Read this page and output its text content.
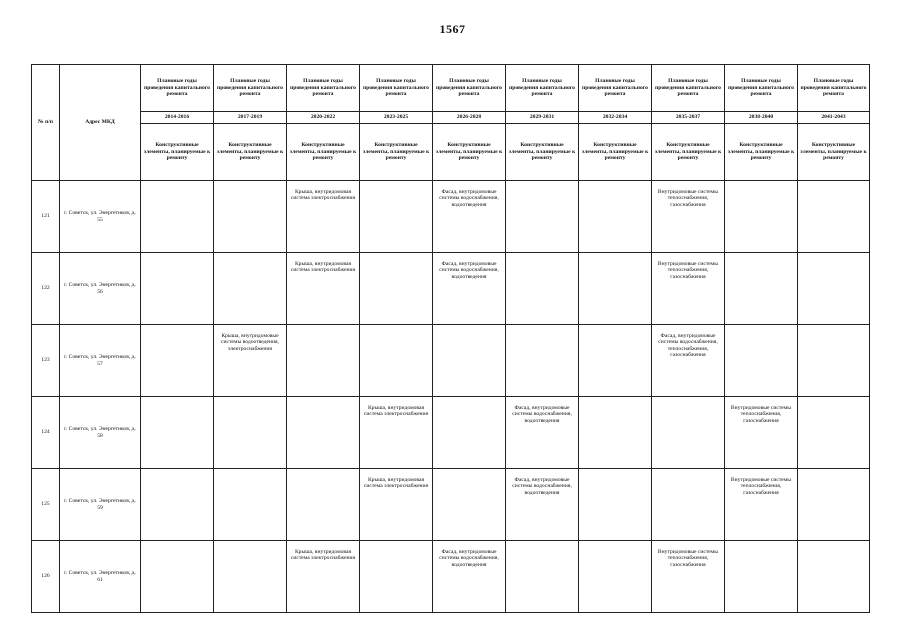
1567
№ п/п	Адрес МКД	Плановые годы проведения капитального ремонта	Плановые годы проведения капитального ремонта	Плановые годы проведения капитального ремонта	Плановые годы проведения капитального ремонта	Плановые годы проведения капитального ремонта	Плановые годы проведения капитального ремонта	Плановые годы проведения капитального ремонта	Плановые годы проведения капитального ремонта	Плановые годы проведения капитального ремонта	Плановые годы проведения капитального ремонта
		2014-2016	2017-2019	2020-2022	2023-2025	2026-2028	2029-2031	2032-2034	2035-2037	2038-2040	2041-2043
		Конструктивные элементы, планируемые к ремонту	Конструктивные элементы, планируемые к ремонту	Конструктивные элементы, планируемые к ремонту	Конструктивные элементы, планируемые к ремонту	Конструктивные элементы, планируемые к ремонту	Конструктивные элементы, планируемые к ремонту	Конструктивные элементы, планируемые к ремонту	Конструктивные элементы, планируемые к ремонту	Конструктивные элементы, планируемые к ремонту	Конструктивные элементы, планируемые к ремонту
121	г. Советск, ул. Энергетиков, д. 55			Крыша, внутридомовая система электроснабжения		Фасад, внутридомовые системы водоснабжения, водоотведения			Внутридомовые системы теплоснабжения, газоснабжения		
122	г. Советск, ул. Энергетиков, д. 56			Крыша, внутридомовая система электроснабжения		Фасад, внутридомовые системы водоснабжения, водоотведения			Внутридомовые системы теплоснабжения, газоснабжения		
123	г. Советск, ул. Энергетиков, д. 57		Крыша, внутридомовые системы водоотведения, электроснабжения						Фасад, внутридомовые системы водоснабжения, теплоснабжения, газоснабжения		
124	г. Советск, ул. Энергетиков, д. 58				Крыша, внутридомовая система электроснабжения		Фасад, внутридомовые системы водоснабжения, водоотведения			Внутридомовые системы теплоснабжения, газоснабжения	
125	г. Советск, ул. Энергетиков, д. 59				Крыша, внутридомовая система электроснабжения		Фасад, внутридомовые системы водоснабжения, водоотведения			Внутридомовые системы теплоснабжения, газоснабжения	
126	г. Советск, ул. Энергетиков, д. 61			Крыша, внутридомовая система электроснабжения		Фасад, внутридомовые системы водоснабжения, водоотведения			Внутридомовые системы теплоснабжения, газоснабжения		
